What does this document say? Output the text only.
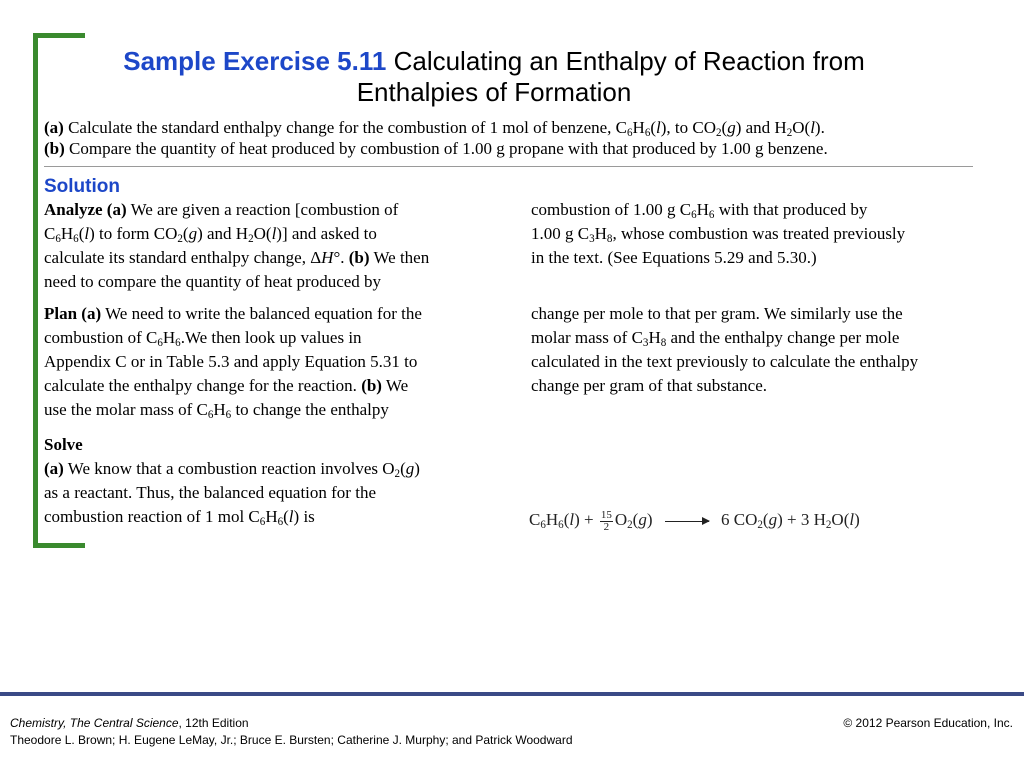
Sample Exercise 5.11 Calculating an Enthalpy of Reaction from
Enthalpies of Formation

(a) Calculate the standard enthalpy change for the combustion of 1 mol of benzene, $C_6H_6(l)$, to $CO_2(g)$ and $H_2O(l)$.

(b) Compare the quantity of heat produced by combustion of 1.00 g propane with that produced by 1.00 g benzene.

Solution

Analyze (a) We are given a reaction [combustion of

$C_6H_6(l)$ to form $CO_2(g)$ and $H_2O(l)$] and asked to

calculate its standard enthalpy change, ΔH°. (b) We then

need to compare the quantity of heat produced by

combustion of 1.00 g $C_6H_6$ with that produced by

1.00 g $C_3H_8$, whose combustion was treated previously

in the text. (See Equations 5.29 and 5.30.)

Plan (a) We need to write the balanced equation for the

combustion of $C_6H_6.We$ then look up values in

Appendix C or in Table 5.3 and apply Equation 5.31 to

calculate the enthalpy change for the reaction. (b) We

use the molar mass of $C_6H_6$ to change the enthalpy

change per mole to that per gram. We similarly use the

molar mass of $C_3H_8$ and the enthalpy change per mole

calculated in the text previously to calculate the enthalpy

change per gram of that substance.

Solve

(a) We know that a combustion reaction involves $O_2(g)$

as a reactant. Thus, the balanced equation for the

combustion reaction of 1 mol $C_6H_6(l)$ is	$C_6H_6(l) + \frac{15}{2} O_2(g) \to 6$ $CO_2(g) + 3$ $H_2O(l)$

Chemistry, The Central Science, 12th Edition

Theodore L. Brown; H. Eugene LeMay, Jr.; Bruce E. Bursten; Catherine J. Murphy; and Patrick Woodward

© 2012 Pearson Education, Inc.
